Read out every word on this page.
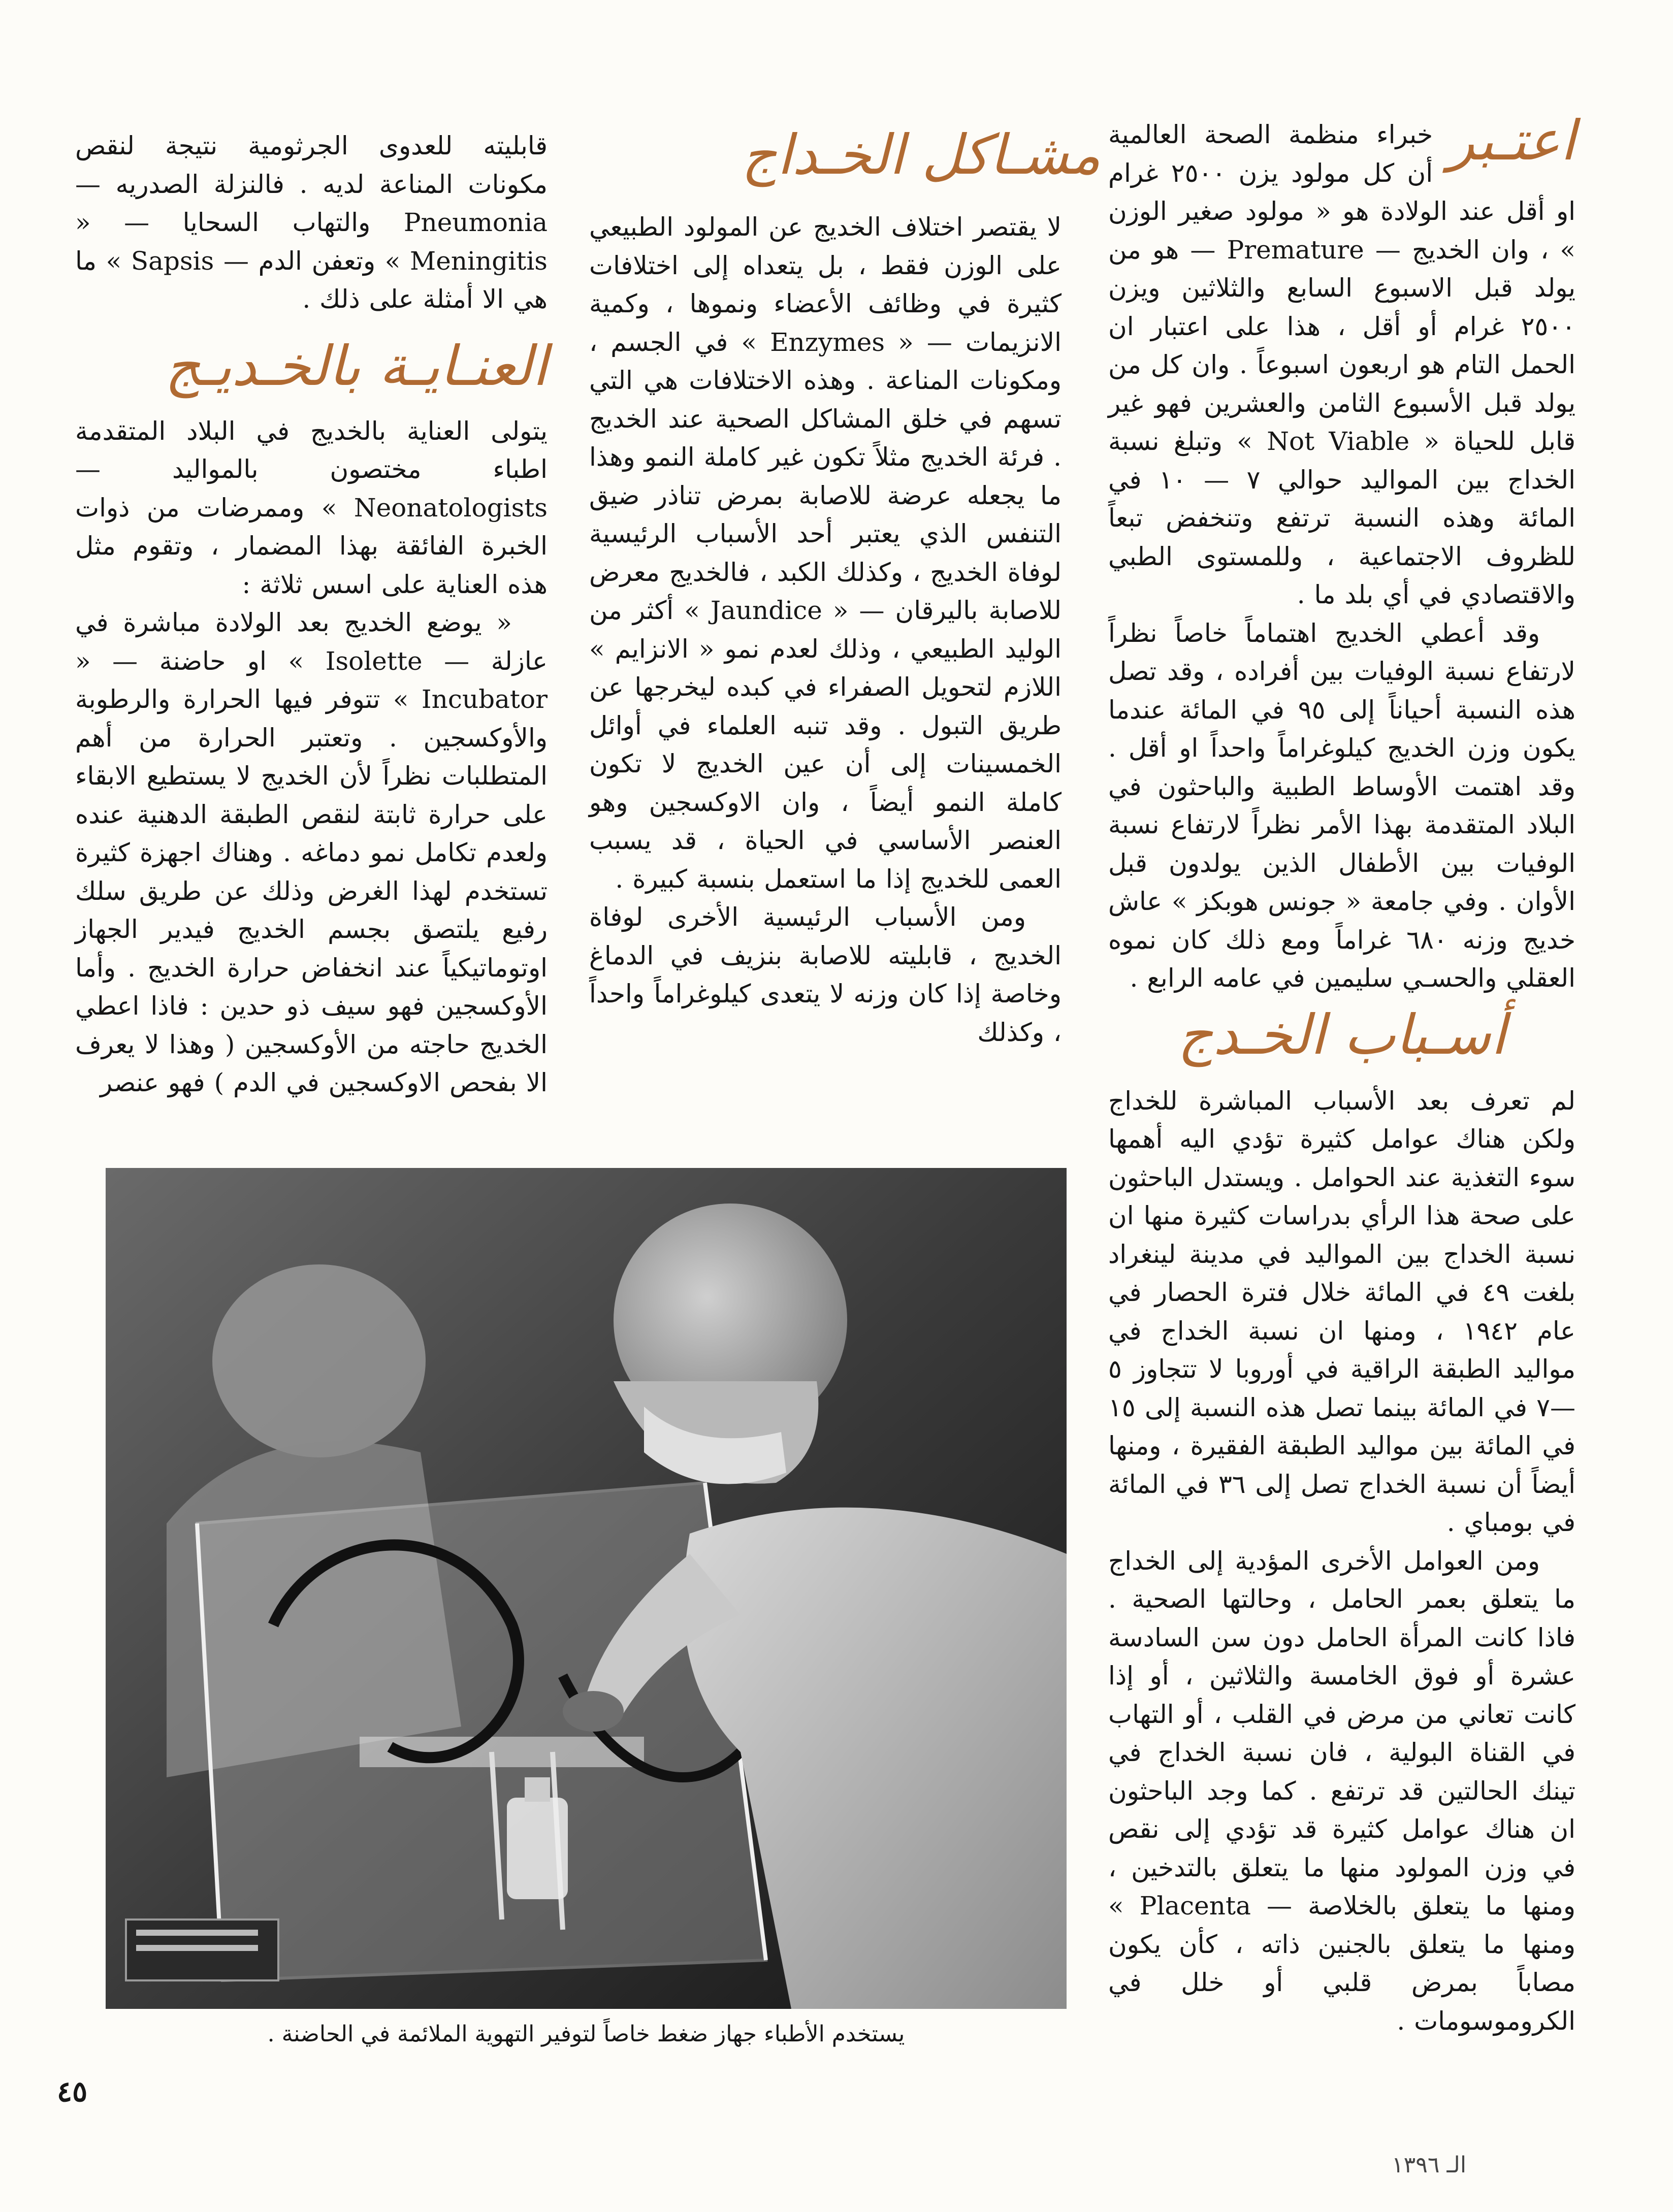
اعتـبر

خبراء منظمة الصحة العالمية أن كل مولود يزن ٢٥٠٠ غرام او أقل عند الولادة هو « مولود صغير الوزن » ، وان الخديج — Premature — هو من يولد قبل الاسبوع السابع والثلاثين ويزن ٢٥٠٠ غرام أو أقل ، هذا على اعتبار ان الحمل التام هو اربعون اسبوعاً . وان كل من يولد قبل الأسبوع الثامن والعشرين فهو غير قابل للحياة « Not Viable » وتبلغ نسبة الخداج بين المواليد حوالي ٧ — ١٠ في المائة وهذه النسبة ترتفع وتنخفض تبعاً للظروف الاجتماعية ، وللمستوى الطبي والاقتصادي في أي بلد ما .

وقد أعطي الخديج اهتماماً خاصاً نظراً لارتفاع نسبة الوفيات بين أفراده ، وقد تصل هذه النسبة أحياناً إلى ٩٥ في المائة عندما يكون وزن الخديج كيلوغراماً واحداً او أقل . وقد اهتمت الأوساط الطبية والباحثون في البلاد المتقدمة بهذا الأمر نظراً لارتفاع نسبة الوفيات بين الأطفال الذين يولدون قبل الأوان . وفي جامعة « جونس هوبكز » عاش خديج وزنه ٦٨٠ غراماً ومع ذلك كان نموه العقلي والحسـي سليمين في عامه الرابع .

أسـباب الخـدج

لم تعرف بعد الأسباب المباشرة للخداج ولكن هناك عوامل كثيرة تؤدي اليه أهمها سوء التغذية عند الحوامل . ويستدل الباحثون على صحة هذا الرأي بدراسات كثيرة منها ان نسبة الخداج بين المواليد في مدينة لينغراد بلغت ٤٩ في المائة خلال فترة الحصار في عام ١٩٤٢ ، ومنها ان نسبة الخداج في مواليد الطبقة الراقية في أوروبا لا تتجاوز ٥—٧ في المائة بينما تصل هذه النسبة إلى ١٥ في المائة بين مواليد الطبقة الفقيرة ، ومنها أيضاً أن نسبة الخداج تصل إلى ٣٦ في المائة في بومباي .

ومن العوامل الأخرى المؤدية إلى الخداج ما يتعلق بعمر الحامل ، وحالتها الصحية . فاذا كانت المرأة الحامل دون سن السادسة عشرة أو فوق الخامسة والثلاثين ، أو إذا كانت تعاني من مرض في القلب ، أو التهاب في القناة البولية ، فان نسبة الخداج في تينك الحالتين قد ترتفع . كما وجد الباحثون ان هناك عوامل كثيرة قد تؤدي إلى نقص في وزن المولود منها ما يتعلق بالتدخين ، ومنها ما يتعلق بالخلاصة — Placenta » ومنها ما يتعلق بالجنين ذاته ، كأن يكون مصاباً بمرض قلبي أو خلل في الكروموسومات .

مشـاكل الخـداج

لا يقتصر اختلاف الخديج عن المولود الطبيعي على الوزن فقط ، بل يتعداه إلى اختلافات كثيرة في وظائف الأعضاء ونموها ، وكمية الانزيمات — « Enzymes » في الجسم ، ومكونات المناعة . وهذه الاختلافات هي التي تسهم في خلق المشاكل الصحية عند الخديج . فرئة الخديج مثلاً تكون غير كاملة النمو وهذا ما يجعله عرضة للاصابة بمرض تناذر ضيق التنفس الذي يعتبر أحد الأسباب الرئيسية لوفاة الخديج ، وكذلك الكبد ، فالخديج معرض للاصابة باليرقان — « Jaundice » أكثر من الوليد الطبيعي ، وذلك لعدم نمو « الانزايم » اللازم لتحويل الصفراء في كبده ليخرجها عن طريق التبول . وقد تنبه العلماء في أوائل الخمسينات إلى أن عين الخديج لا تكون كاملة النمو أيضاً ، وان الاوكسجين وهو العنصر الأساسي في الحياة ، قد يسبب العمى للخديج إذا ما استعمل بنسبة كبيرة .

ومن الأسباب الرئيسية الأخرى لوفاة الخديج ، قابليته للاصابة بنزيف في الدماغ وخاصة إذا كان وزنه لا يتعدى كيلوغراماً واحداً ، وكذلك

قابليته للعدوى الجرثومية نتيجة لنقص مكونات المناعة لديه . فالنزلة الصدريه — Pneumonia والتهاب السحايا — « Meningitis » وتعفن الدم — Sapsis » ما هي الا أمثلة على ذلك .

العنـايـة بالخـديـج

يتولى العناية بالخديج في البلاد المتقدمة اطباء مختصون بالمواليد — Neonatologists » وممرضات من ذوات الخبرة الفائقة بهذا المضمار ، وتقوم مثل هذه العناية على اسس ثلاثة :

« يوضع الخديج بعد الولادة مباشرة في عازلة — Isolette » او حاضنة — « Incubator » تتوفر فيها الحرارة والرطوبة والأوكسجين . وتعتبر الحرارة من أهم المتطلبات نظراً لأن الخديج لا يستطيع الابقاء على حرارة ثابتة لنقص الطبقة الدهنية عنده ولعدم تكامل نمو دماغه . وهناك اجهزة كثيرة تستخدم لهذا الغرض وذلك عن طريق سلك رفيع يلتصق بجسم الخديج فيدير الجهاز اوتوماتيكياً عند انخفاض حرارة الخديج . وأما الأوكسجين فهو سيف ذو حدين : فاذا اعطي الخديج حاجته من الأوكسجين ( وهذا لا يعرف الا بفحص الاوكسجين في الدم ) فهو عنصر

يستخدم الأطباء جهاز ضغط خاصاً لتوفير التهوية الملائمة في الحاضنة .
٤٥
الـ ١٣٩٦
